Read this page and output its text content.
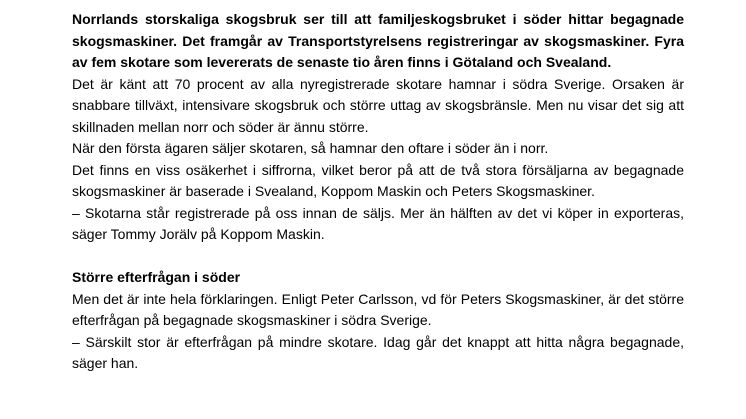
Norrlands storskaliga skogsbruk ser till att familjeskogsbruket i söder hittar begagnade skogsmaskiner. Det framgår av Transportstyrelsens registreringar av skogsmaskiner. Fyra av fem skotare som levererats de senaste tio åren finns i Götaland och Svealand.

Det är känt att 70 procent av alla nyregistrerade skotare hamnar i södra Sverige. Orsaken är snabbare tillväxt, intensivare skogsbruk och större uttag av skogsbränsle. Men nu visar det sig att skillnaden mellan norr och söder är ännu större.

När den första ägaren säljer skotaren, så hamnar den oftare i söder än i norr.

Det finns en viss osäkerhet i siffrorna, vilket beror på att de två stora försäljarna av begagnade skogsmaskiner är baserade i Svealand, Koppom Maskin och Peters Skogsmaskiner.

– Skotarna står registrerade på oss innan de säljs. Mer än hälften av det vi köper in exporteras, säger Tommy Jorälv på Koppom Maskin.

Större efterfrågan i söder

Men det är inte hela förklaringen. Enligt Peter Carlsson, vd för Peters Skogsmaskiner, är det större efterfrågan på begagnade skogsmaskiner i södra Sverige.

– Särskilt stor är efterfrågan på mindre skotare. Idag går det knappt att hitta några begagnade, säger han.
